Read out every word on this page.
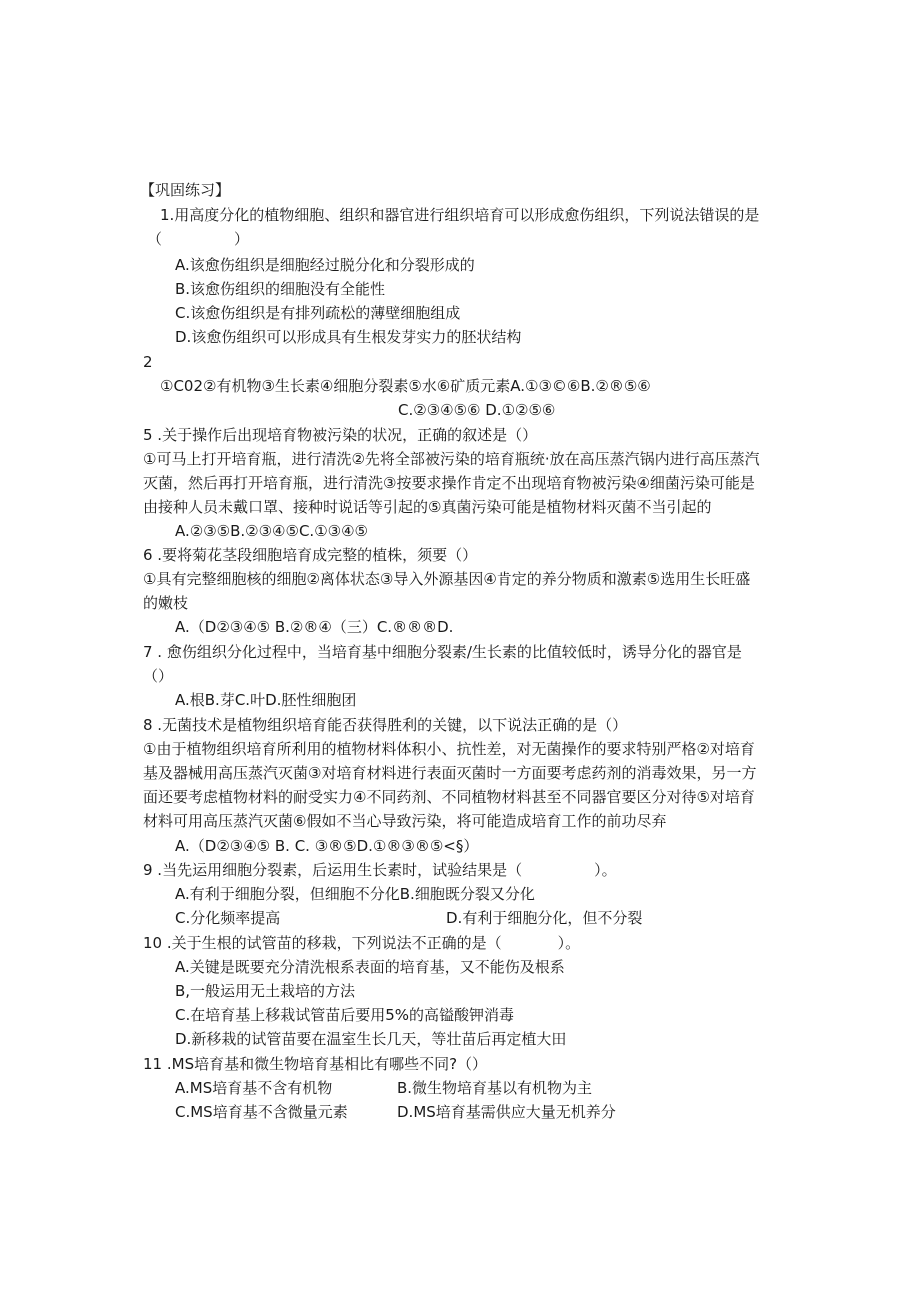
【巩固练习】
1.用高度分化的植物细胞、组织和器官进行组织培育可以形成愈伤组织，下列说法错误的是
（	）
A.该愈伤组织是细胞经过脱分化和分裂形成的
B.该愈伤组织的细胞没有全能性
C.该愈伤组织是有排列疏松的薄壁细胞组成
D.该愈伤组织可以形成具有生根发芽实力的胚状结构
2
①C02②有机物③生长素④细胞分裂素⑤水⑥矿质元素A.①③©⑥B.②®⑤⑥
C.②③④⑤⑥ D.①②⑤⑥
5 .关于操作后出现培育物被污染的状况，正确的叙述是（）
①可马上打开培育瓶，进行清洗②先将全部被污染的培育瓶统·放在高压蒸汽锅内进行高压蒸汽
灭菌，然后再打开培育瓶，进行清洗③按要求操作肯定不出现培育物被污染④细菌污染可能是
由接种人员未戴口罩、接种时说话等引起的⑤真菌污染可能是植物材料灭菌不当引起的
A.②③⑤B.②③④⑤C.①③④⑤
6 .要将菊花茎段细胞培育成完整的植株，须要（）
①具有完整细胞核的细胞②离体状态③导入外源基因④肯定的养分物质和激素⑤选用生长旺盛
的嫩枝
A.（D②③④⑤ B.②®④（三）C.®®®D.
7 . 愈伤组织分化过程中，当培育基中细胞分裂素/生长素的比值较低时，诱导分化的器官是
（）
A.根B.芽C.叶D.胚性细胞团
8 .无菌技术是植物组织培育能否获得胜利的关键，以下说法正确的是（）
①由于植物组织培育所利用的植物材料体积小、抗性差，对无菌操作的要求特别严格②对培育
基及器械用高压蒸汽灭菌③对培育材料进行表面灭菌时一方面要考虑药剂的消毒效果，另一方
面还要考虑植物材料的耐受实力④不同药剂、不同植物材料甚至不同器官要区分对待⑤对培育
材料可用高压蒸汽灭菌⑥假如不当心导致污染，将可能造成培育工作的前功尽弃
A.（D②③④⑤ B. C. ③®⑤D.①®③®⑤<§）
9 .当先运用细胞分裂素，后运用生长素时，试验结果是（	）。
A.有利于细胞分裂，但细胞不分化B.细胞既分裂又分化
C.分化频率提高	D.有利于细胞分化，但不分裂
10 .关于生根的试管苗的移栽，下列说法不正确的是（	）。
A.关键是既要充分清洗根系表面的培育基，又不能伤及根系
B,一般运用无土栽培的方法
C.在培育基上移栽试管苗后要用5%的高镒酸钾消毒
D.新移栽的试管苗要在温室生长几天，等壮苗后再定植大田
11 .MS培育基和微生物培育基相比有哪些不同?（）
A.MS培育基不含有机物	B.微生物培育基以有机物为主
C.MS培育基不含微量元素	D.MS培育基需供应大量无机养分
